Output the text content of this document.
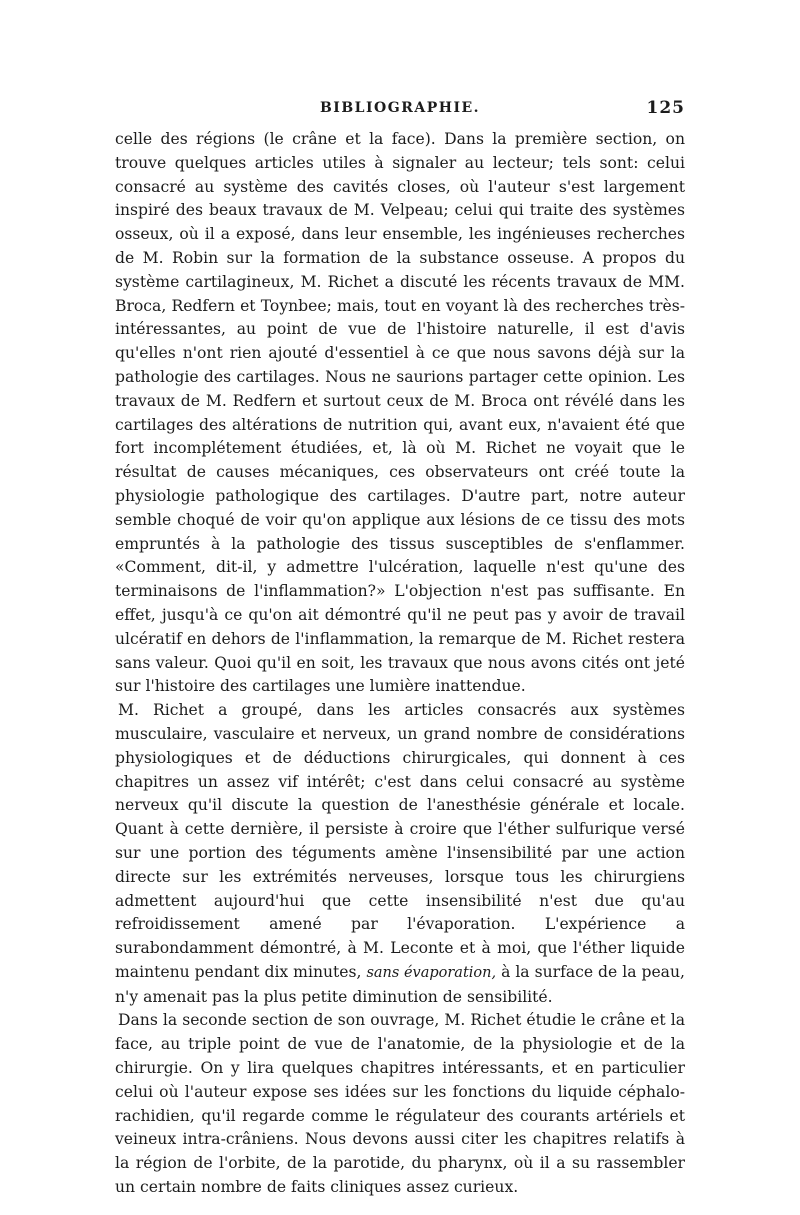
BIBLIOGRAPHIE.	125

celle des régions (le crâne et la face). Dans la première section, on trouve quelques articles utiles à signaler au lecteur; tels sont: celui consacré au système des cavités closes, où l'auteur s'est largement inspiré des beaux travaux de M. Velpeau; celui qui traite des systèmes osseux, où il a exposé, dans leur ensemble, les ingénieuses recherches de M. Robin sur la formation de la substance osseuse. A propos du système cartilagineux, M. Richet a discuté les récents travaux de MM. Broca, Redfern et Toynbee; mais, tout en voyant là des recherches très-intéressantes, au point de vue de l'histoire naturelle, il est d'avis qu'elles n'ont rien ajouté d'essentiel à ce que nous savons déjà sur la pathologie des cartilages. Nous ne saurions partager cette opinion. Les travaux de M. Redfern et surtout ceux de M. Broca ont révélé dans les cartilages des altérations de nutrition qui, avant eux, n'avaient été que fort incomplétement étudiées, et, là où M. Richet ne voyait que le résultat de causes mécaniques, ces observateurs ont créé toute la physiologie pathologique des cartilages. D'autre part, notre auteur semble choqué de voir qu'on applique aux lésions de ce tissu des mots empruntés à la pathologie des tissus susceptibles de s'enflammer. «Comment, dit-il, y admettre l'ulcération, laquelle n'est qu'une des terminaisons de l'inflammation?» L'objection n'est pas suffisante. En effet, jusqu'à ce qu'on ait démontré qu'il ne peut pas y avoir de travail ulcératif en dehors de l'inflammation, la remarque de M. Richet restera sans valeur. Quoi qu'il en soit, les travaux que nous avons cités ont jeté sur l'histoire des cartilages une lumière inattendue.

M. Richet a groupé, dans les articles consacrés aux systèmes musculaire, vasculaire et nerveux, un grand nombre de considérations physiologiques et de déductions chirurgicales, qui donnent à ces chapitres un assez vif intérêt; c'est dans celui consacré au système nerveux qu'il discute la question de l'anesthésie générale et locale. Quant à cette dernière, il persiste à croire que l'éther sulfurique versé sur une portion des téguments amène l'insensibilité par une action directe sur les extrémités nerveuses, lorsque tous les chirurgiens admettent aujourd'hui que cette insensibilité n'est due qu'au refroidissement amené par l'évaporation. L'expérience a surabondamment démontré, à M. Leconte et à moi, que l'éther liquide maintenu pendant dix minutes, sans évaporation, à la surface de la peau, n'y amenait pas la plus petite diminution de sensibilité.

Dans la seconde section de son ouvrage, M. Richet étudie le crâne et la face, au triple point de vue de l'anatomie, de la physiologie et de la chirurgie. On y lira quelques chapitres intéressants, et en particulier celui où l'auteur expose ses idées sur les fonctions du liquide céphalo-rachidien, qu'il regarde comme le régulateur des courants artériels et veineux intra-crâniens. Nous devons aussi citer les chapitres relatifs à la région de l'orbite, de la parotide, du pharynx, où il a su rassembler un certain nombre de faits cliniques assez curieux.
